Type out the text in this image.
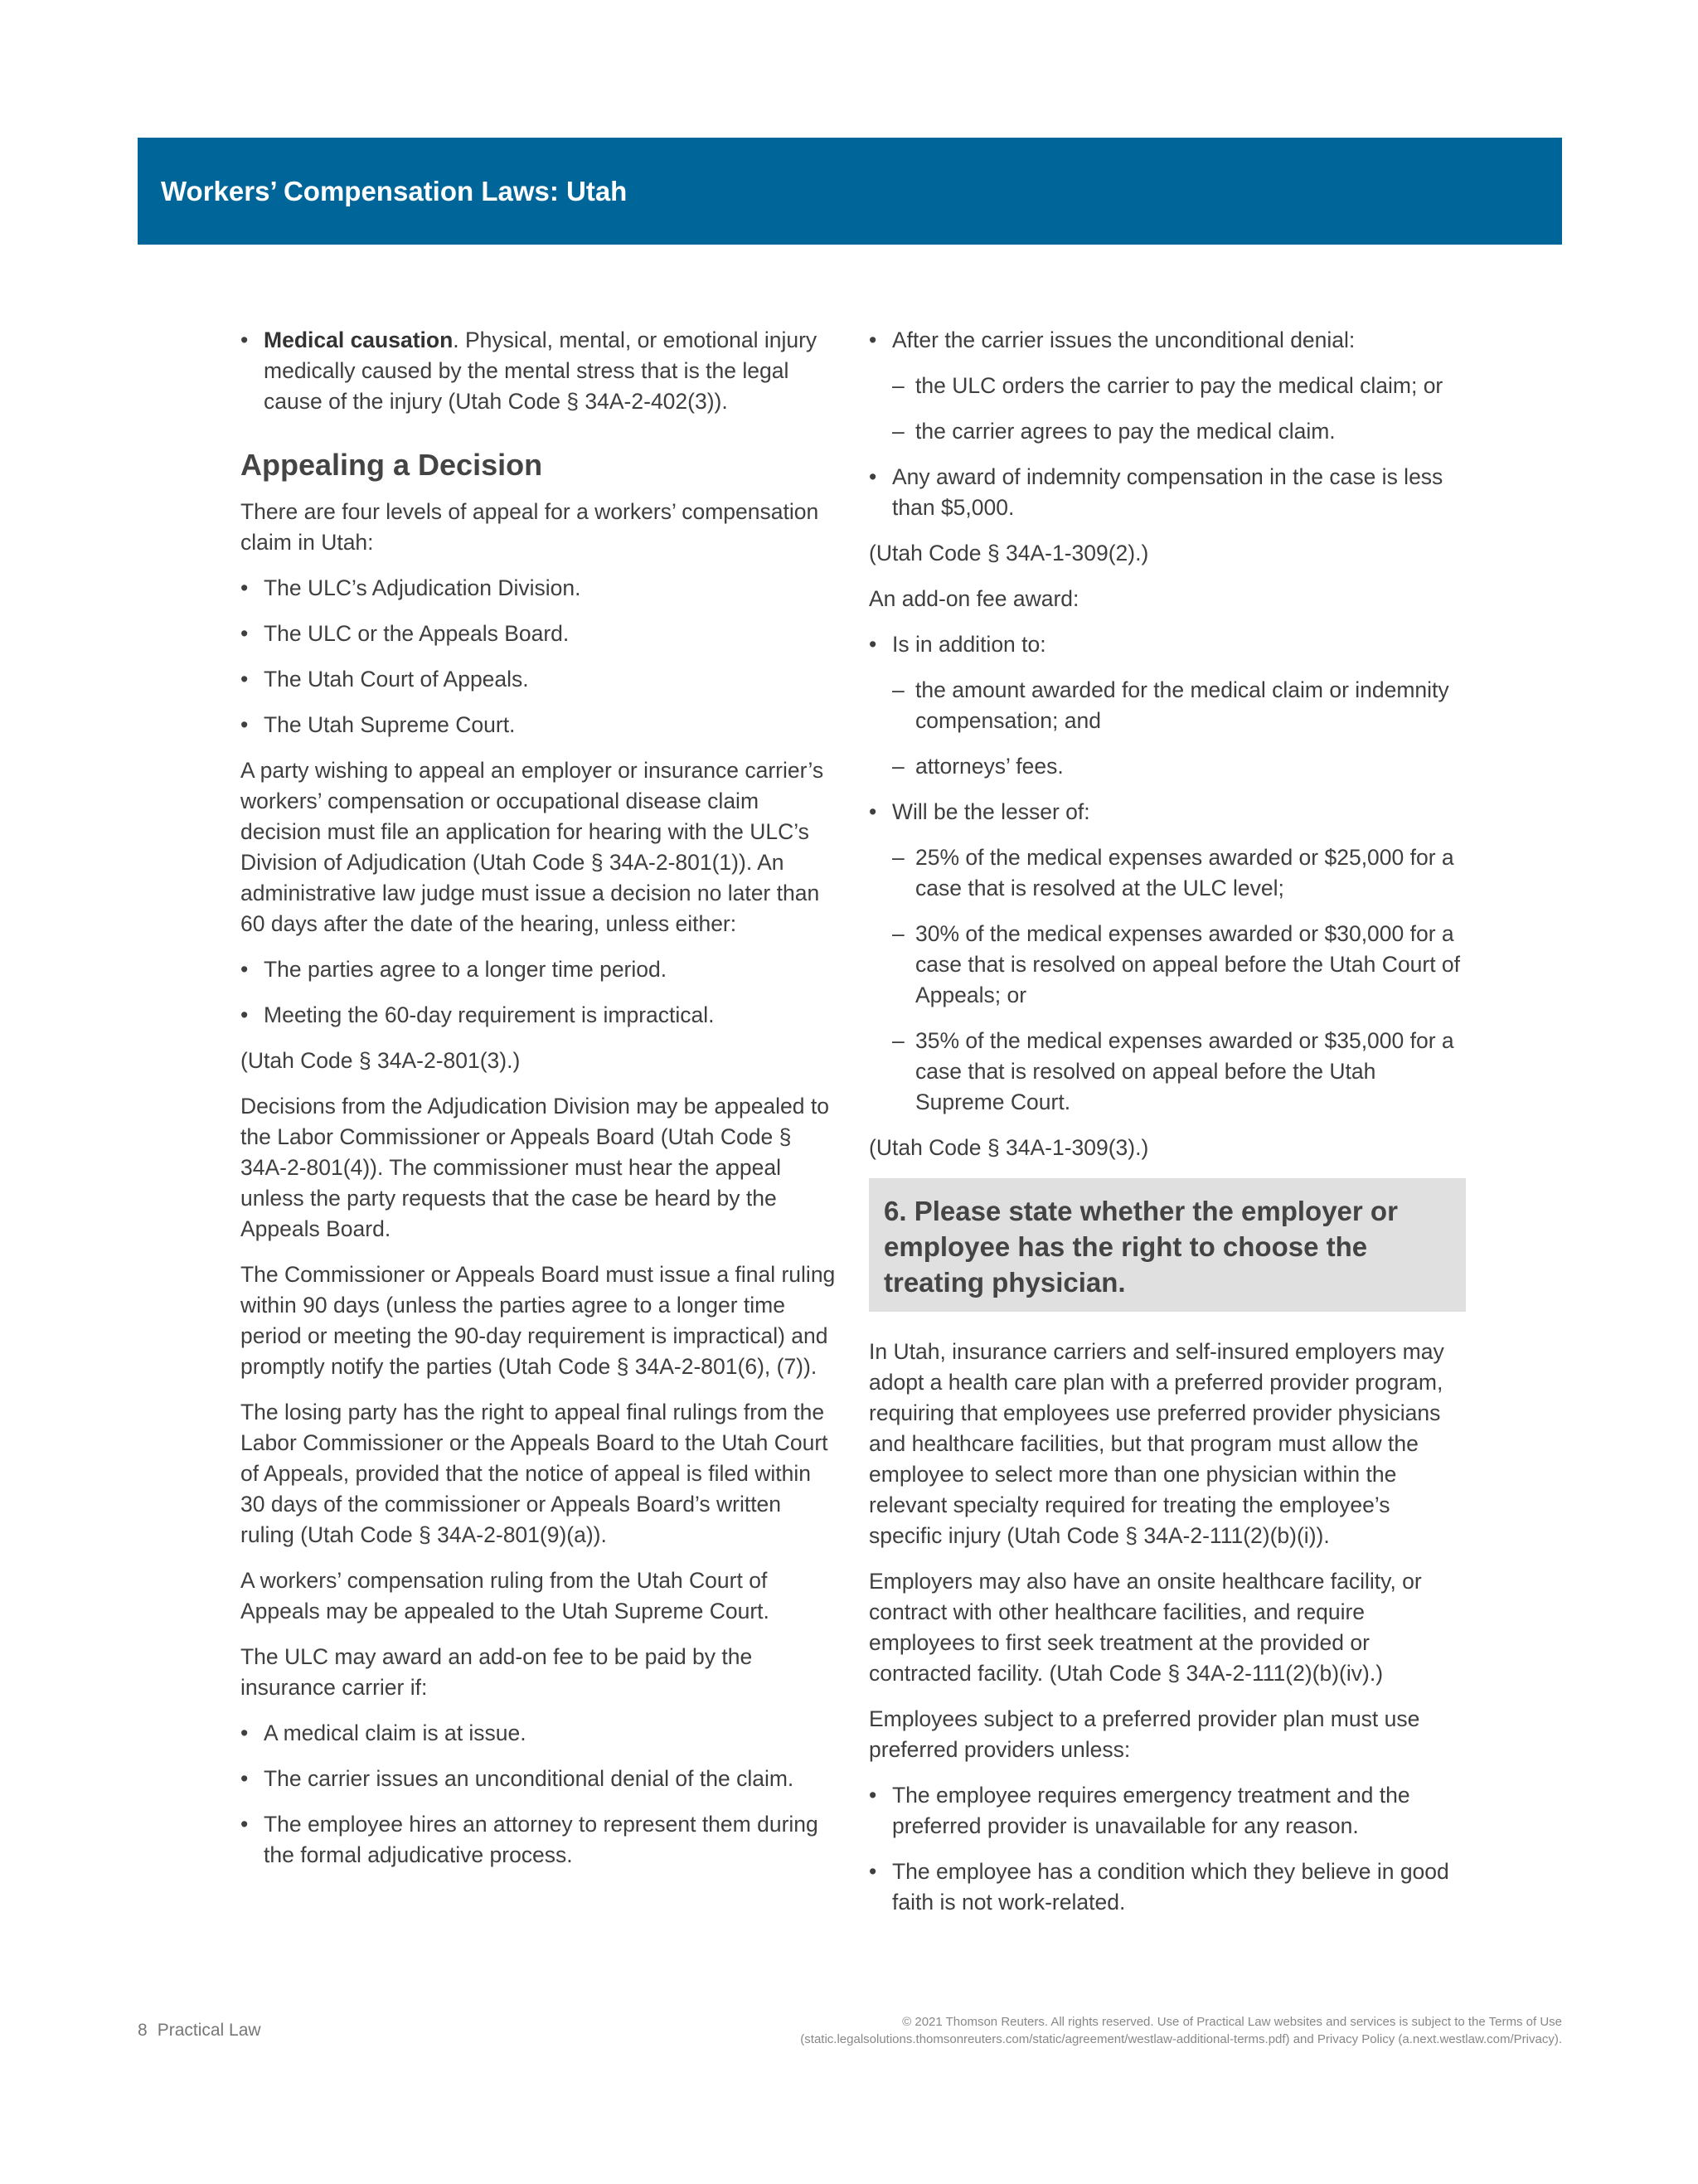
Workers’ Compensation Laws: Utah
• Medical causation. Physical, mental, or emotional injury medically caused by the mental stress that is the legal cause of the injury (Utah Code § 34A-2-402(3)).
Appealing a Decision

There are four levels of appeal for a workers’ compensation claim in Utah:

• The ULC’s Adjudication Division.
• The ULC or the Appeals Board.
• The Utah Court of Appeals.
• The Utah Supreme Court.

A party wishing to appeal an employer or insurance carrier’s workers’ compensation or occupational disease claim decision must file an application for hearing with the ULC’s Division of Adjudication (Utah Code § 34A-2-801(1)). An administrative law judge must issue a decision no later than 60 days after the date of the hearing, unless either:

• The parties agree to a longer time period.
• Meeting the 60-day requirement is impractical.

(Utah Code § 34A-2-801(3).)

Decisions from the Adjudication Division may be appealed to the Labor Commissioner or Appeals Board (Utah Code § 34A-2-801(4)). The commissioner must hear the appeal unless the party requests that the case be heard by the Appeals Board.

The Commissioner or Appeals Board must issue a final ruling within 90 days (unless the parties agree to a longer time period or meeting the 90-day requirement is impractical) and promptly notify the parties (Utah Code § 34A-2-801(6), (7)).

The losing party has the right to appeal final rulings from the Labor Commissioner or the Appeals Board to the Utah Court of Appeals, provided that the notice of appeal is filed within 30 days of the commissioner or Appeals Board’s written ruling (Utah Code § 34A-2-801(9)(a)).

A workers’ compensation ruling from the Utah Court of Appeals may be appealed to the Utah Supreme Court.

The ULC may award an add-on fee to be paid by the insurance carrier if:

• A medical claim is at issue.
• The carrier issues an unconditional denial of the claim.
• The employee hires an attorney to represent them during the formal adjudicative process.
• After the carrier issues the unconditional denial:
– the ULC orders the carrier to pay the medical claim; or
– the carrier agrees to pay the medical claim.
• Any award of indemnity compensation in the case is less than $5,000.

(Utah Code § 34A-1-309(2).)

An add-on fee award:

• Is in addition to:
– the amount awarded for the medical claim or indemnity compensation; and
– attorneys’ fees.
• Will be the lesser of:
– 25% of the medical expenses awarded or $25,000 for a case that is resolved at the ULC level;
– 30% of the medical expenses awarded or $30,000 for a case that is resolved on appeal before the Utah Court of Appeals; or
– 35% of the medical expenses awarded or $35,000 for a case that is resolved on appeal before the Utah Supreme Court.

(Utah Code § 34A-1-309(3).)

6. Please state whether the employer or employee has the right to choose the treating physician.

In Utah, insurance carriers and self-insured employers may adopt a health care plan with a preferred provider program, requiring that employees use preferred provider physicians and healthcare facilities, but that program must allow the employee to select more than one physician within the relevant specialty required for treating the employee’s specific injury (Utah Code § 34A-2-111(2)(b)(i)).

Employers may also have an onsite healthcare facility, or contract with other healthcare facilities, and require employees to first seek treatment at the provided or contracted facility. (Utah Code § 34A-2-111(2)(b)(iv).)

Employees subject to a preferred provider plan must use preferred providers unless:

• The employee requires emergency treatment and the preferred provider is unavailable for any reason.
• The employee has a condition which they believe in good faith is not work-related.
8 Practical Law	© 2021 Thomson Reuters. All rights reserved. Use of Practical Law websites and services is subject to the Terms of Use
(static.legalsolutions.thomsonreuters.com/static/agreement/westlaw-additional-terms.pdf) and Privacy Policy (a.next.westlaw.com/Privacy).
